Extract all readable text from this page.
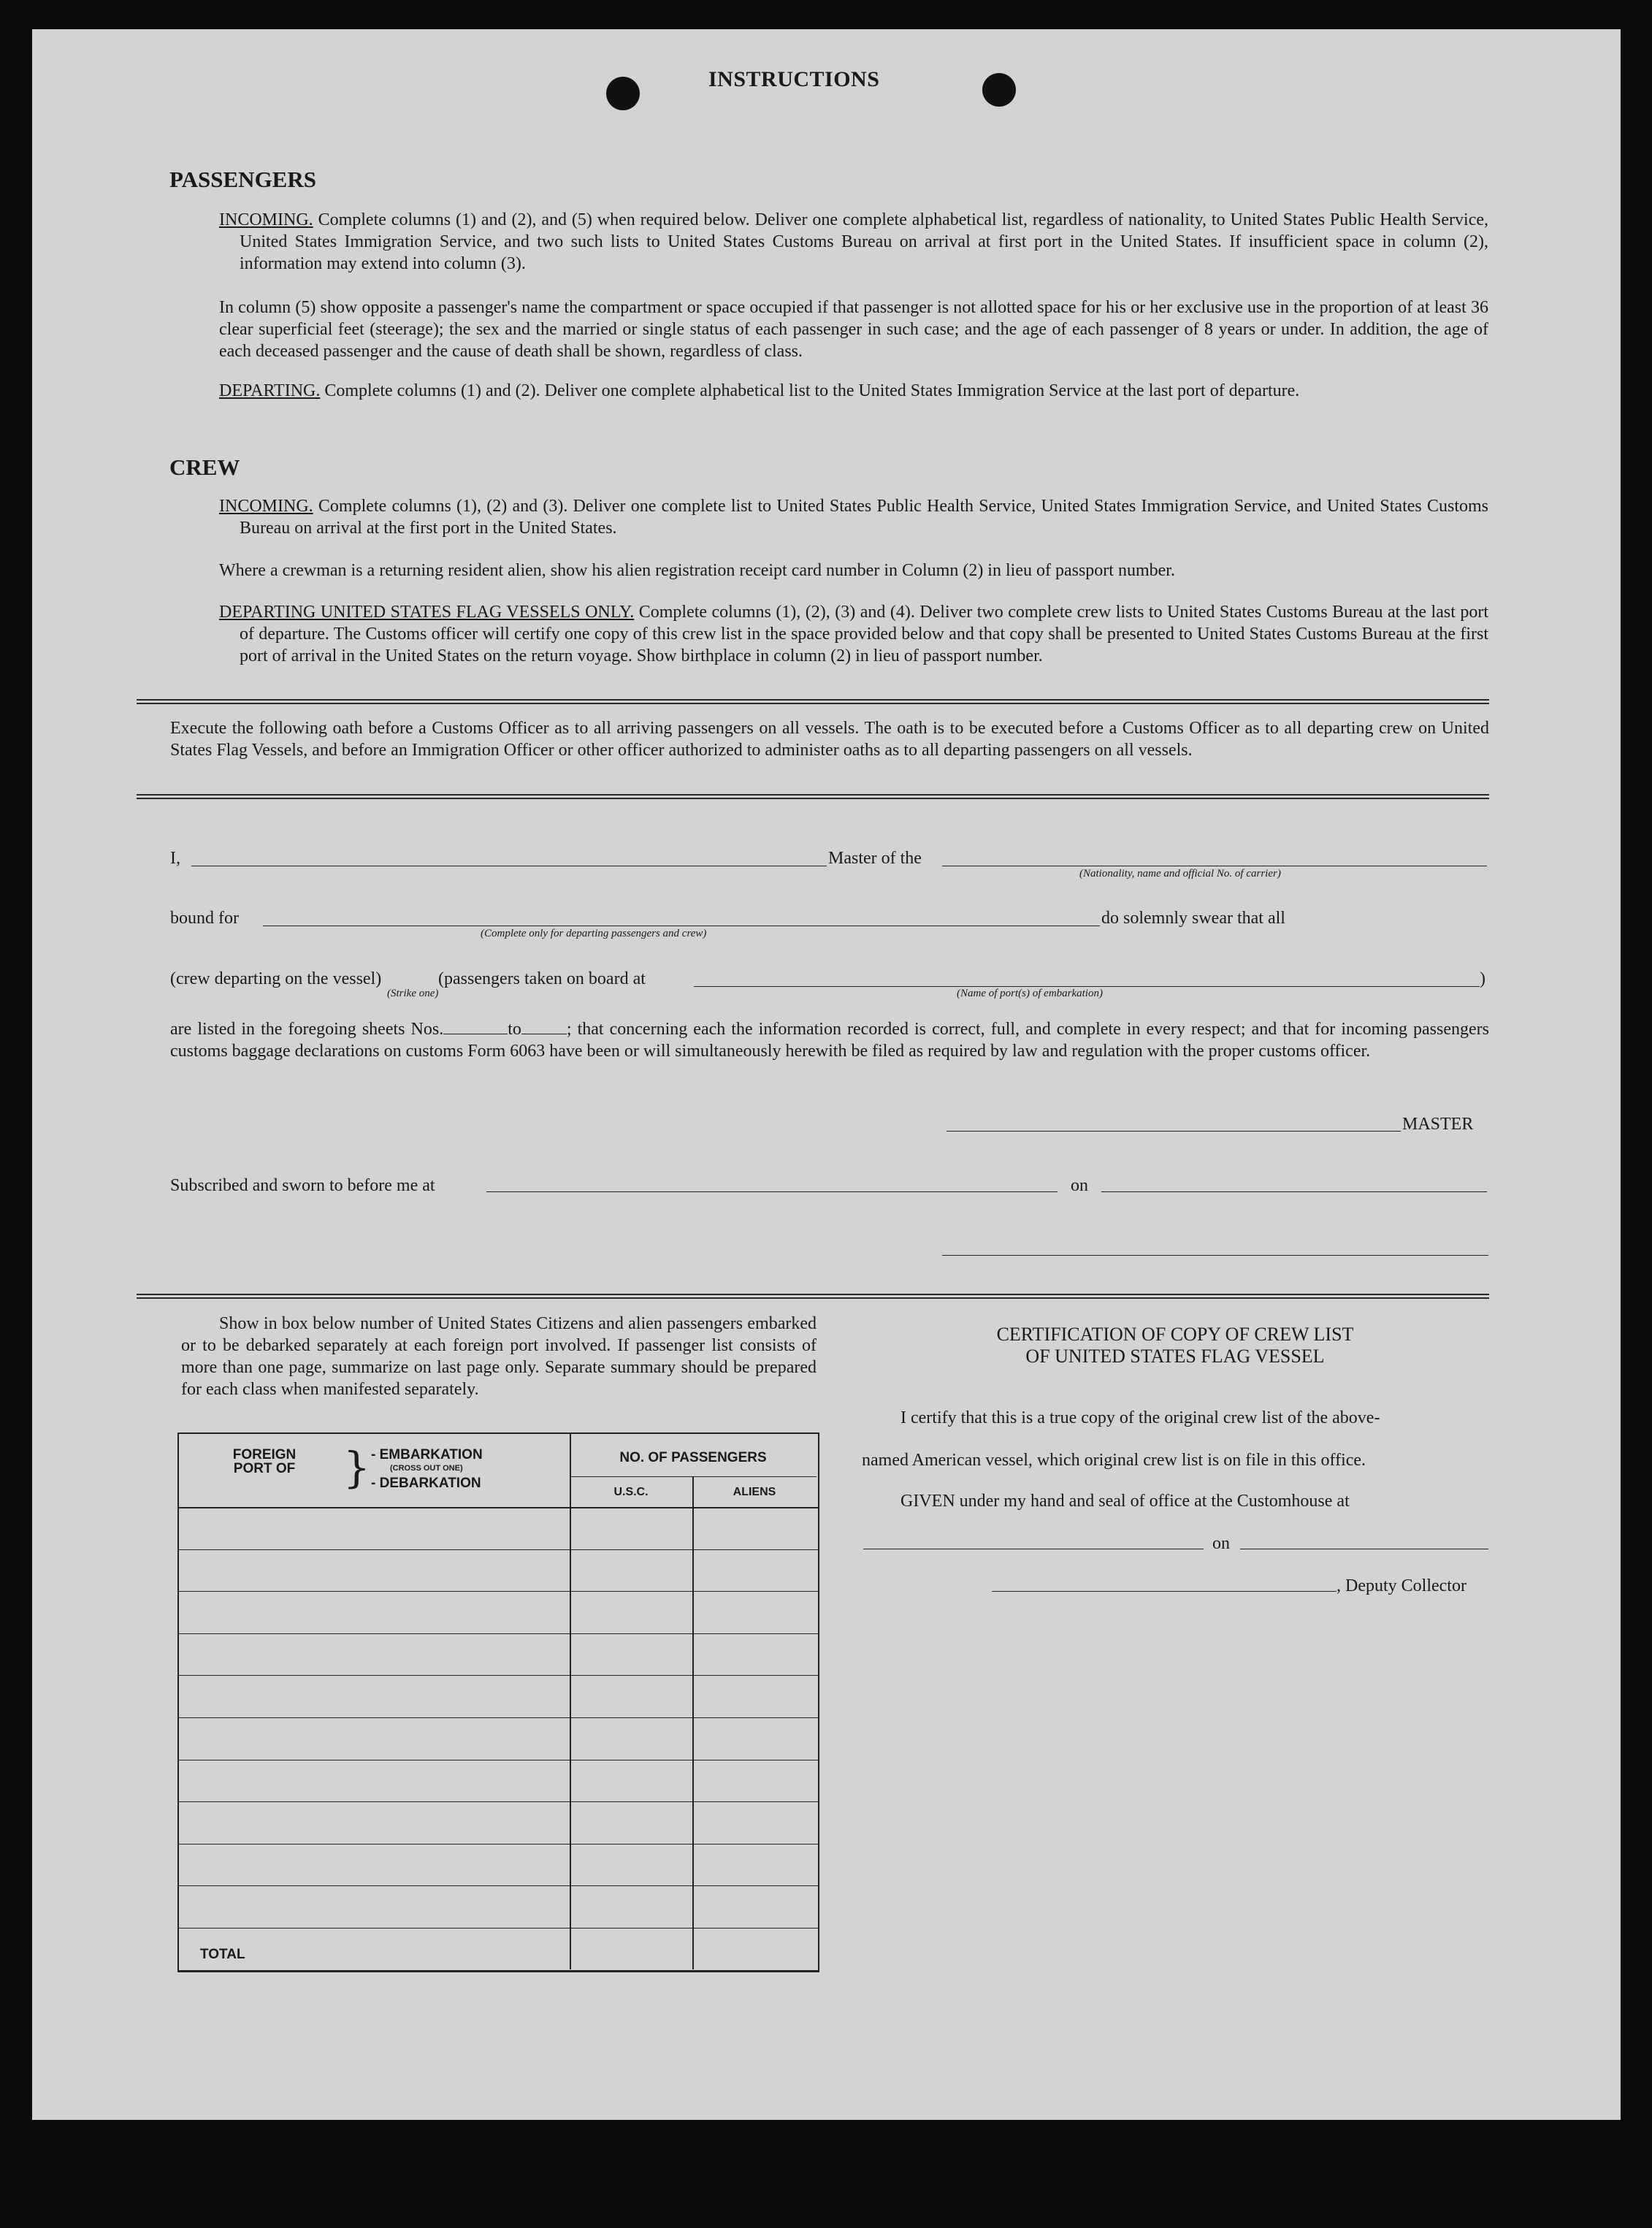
INSTRUCTIONS
PASSENGERS

INCOMING. Complete columns (1) and (2), and (5) when required below. Deliver one complete alphabetical list, regardless of nationality, to United States Public Health Service, United States Immigration Service, and two such lists to United States Customs Bureau on arrival at first port in the United States. If insufficient space in column (2), information may extend into column (3).

In column (5) show opposite a passenger's name the compartment or space occupied if that passenger is not allotted space for his or her exclusive use in the proportion of at least 36 clear superficial feet (steerage); the sex and the married or single status of each passenger in such case; and the age of each passenger of 8 years or under. In addition, the age of each deceased passenger and the cause of death shall be shown, regardless of class.

DEPARTING. Complete columns (1) and (2). Deliver one complete alphabetical list to the United States Immigration Service at the last port of departure.

CREW

INCOMING. Complete columns (1), (2) and (3). Deliver one complete list to United States Public Health Service, United States Immigration Service, and United States Customs Bureau on arrival at the first port in the United States.

Where a crewman is a returning resident alien, show his alien registration receipt card number in Column (2) in lieu of passport number.

DEPARTING UNITED STATES FLAG VESSELS ONLY. Complete columns (1), (2), (3) and (4). Deliver two complete crew lists to United States Customs Bureau at the last port of departure. The Customs officer will certify one copy of this crew list in the space provided below and that copy shall be presented to United States Customs Bureau at the first port of arrival in the United States on the return voyage. Show birthplace in column (2) in lieu of passport number.

Execute the following oath before a Customs Officer as to all arriving passengers on all vessels. The oath is to be executed before a Customs Officer as to all departing crew on United States Flag Vessels, and before an Immigration Officer or other officer authorized to administer oaths as to all departing passengers on all vessels.
I,	Master of the
(Nationality, name and official No. of carrier)
bound for	do solemnly swear that all
(Complete only for departing passengers and crew)
(crew departing on the vessel)	(passengers taken on board at	)
(Strike one)	(Name of port(s) of embarkation)
are listed in the foregoing sheets Nos.	to	; that concerning each the information recorded is correct, full, and complete in every respect; and that for incoming passengers customs baggage declarations on customs Form 6063 have been or will simultaneously herewith be filed as required by law and regulation with the proper customs officer.
MASTER
Subscribed and sworn to before me at	on
Show in box below number of United States Citizens and alien passengers embarked or to be debarked separately at each foreign port involved. If passenger list consists of more than one page, summarize on last page only. Separate summary should be prepared for each class when manifested separately.
FOREIGN PORT OF	} - EMBARKATION
(CROSS OUT ONE)
- DEBARKATION
NO. OF PASSENGERS
U.S.C.	ALIENS
TOTAL
CERTIFICATION OF COPY OF CREW LIST
OF UNITED STATES FLAG VESSEL
I certify that this is a true copy of the original crew list of the above-
named American vessel, which original crew list is on file in this office.
GIVEN under my hand and seal of office at the Customhouse at
on
, Deputy Collector
